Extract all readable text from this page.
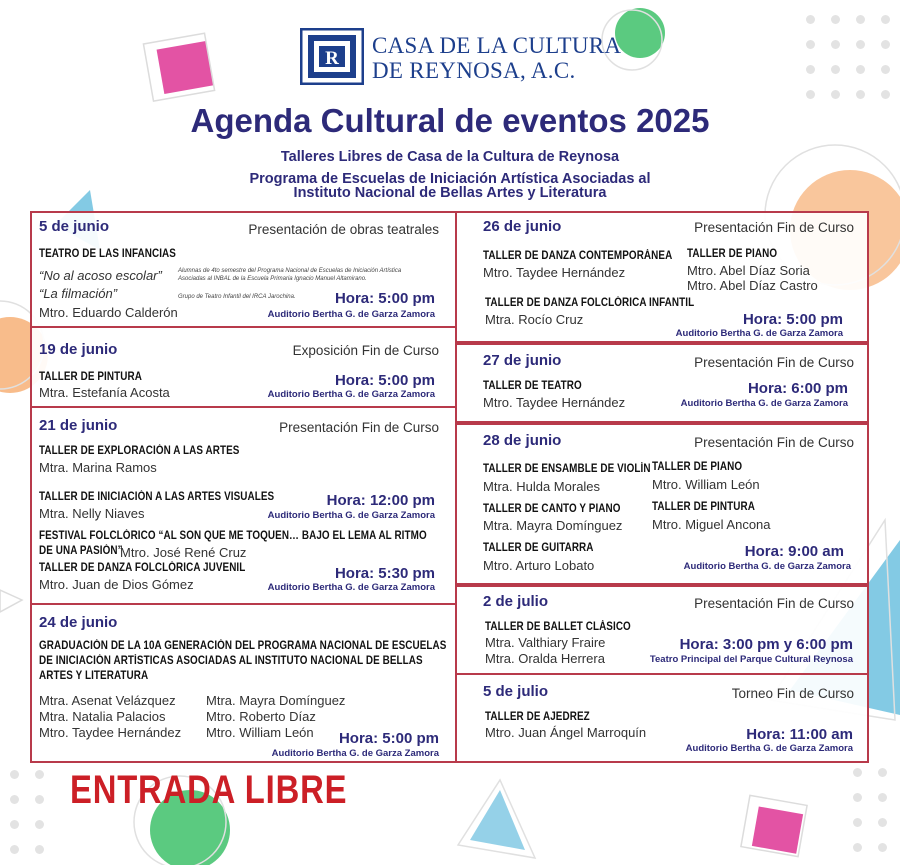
R
CASA DE LA CULTURA
DE REYNOSA, A.C.
Agenda Cultural de eventos 2025
Talleres Libres de Casa de la Cultura de Reynosa
Programa de Escuelas de Iniciación Artística Asociadas al
Instituto Nacional de Bellas Artes y Literatura
5 de junio	Presentación de obras teatrales
TEATRO DE LAS INFANCIAS
“No al acoso escolar”
“La filmación”
Alumnas de 4to semestre del Programa Nacional de Escuelas de Iniciación Artística
Asociadas al INBAL de la Escuela Primaria Ignacio Manuel Altamirano.
Grupo de Teatro Infantil del IRCA Jarochina.
Mtro. Eduardo Calderón
Hora: 5:00 pm
Auditorio Bertha G. de Garza Zamora
19 de junio	Exposición Fin de Curso
TALLER DE PINTURA
Mtra. Estefanía Acosta
Hora: 5:00 pm
Auditorio Bertha G. de Garza Zamora
21 de junio	Presentación Fin de Curso
TALLER DE EXPLORACIÓN A LAS ARTES
Mtra. Marina Ramos
TALLER DE INICIACIÓN A LAS ARTES VISUALES
Mtra. Nelly Niaves
Hora: 12:00 pm
Auditorio Bertha G. de Garza Zamora
FESTIVAL FOLCLÓRICO “AL SON QUE ME TOQUEN… BAJO EL LEMA AL RITMO
DE UNA PASIÓN”
Mtro. José René Cruz
TALLER DE DANZA FOLCLÓRICA JUVENIL
Mtro. Juan de Dios Gómez
Hora: 5:30 pm
Auditorio Bertha G. de Garza Zamora
24 de junio
GRADUACIÓN DE LA 10A GENERACIÓN DEL PROGRAMA NACIONAL DE ESCUELAS
DE INICIACIÓN ARTÍSTICAS ASOCIADAS AL INSTITUTO NACIONAL DE BELLAS
ARTES Y LITERATURA
Mtra. Asenat Velázquez
Mtra. Natalia Palacios
Mtro. Taydee Hernández
Mtra. Mayra Domínguez
Mtro. Roberto Díaz
Mtro. William León Hora: 5:00 pm
Auditorio Bertha G. de Garza Zamora
26 de junio	Presentación Fin de Curso
TALLER DE DANZA CONTEMPORÁNEA
Mtro. Taydee Hernández
TALLER DE PIANO
Mtro. Abel Díaz Soria
Mtro. Abel Díaz Castro
TALLER DE DANZA FOLCLÓRICA INFANTIL
Mtra. Rocío Cruz	Hora: 5:00 pm
Auditorio Bertha G. de Garza Zamora
27 de junio	Presentación Fin de Curso
TALLER DE TEATRO
Mtro. Taydee Hernández
Hora: 6:00 pm
Auditorio Bertha G. de Garza Zamora
28 de junio	Presentación Fin de Curso
TALLER DE ENSAMBLE DE VIOLÍN
Mtra. Hulda Morales
TALLER DE PIANO
Mtro. William León
TALLER DE CANTO Y PIANO
Mtra. Mayra Domínguez
TALLER DE PINTURA
Mtro. Miguel Ancona
TALLER DE GUITARRA
Mtro. Arturo Lobato
Hora: 9:00 am
Auditorio Bertha G. de Garza Zamora
2 de julio	Presentación Fin de Curso
TALLER DE BALLET CLÁSICO
Mtra. Valthiary Fraire
Mtra. Oralda Herrera
Hora: 3:00 pm y 6:00 pm
Teatro Principal del Parque Cultural Reynosa
5 de julio	Torneo Fin de Curso
TALLER DE AJEDREZ
Mtro. Juan Ángel Marroquín	Hora: 11:00 am
Auditorio Bertha G. de Garza Zamora
ENTRADA LIBRE
